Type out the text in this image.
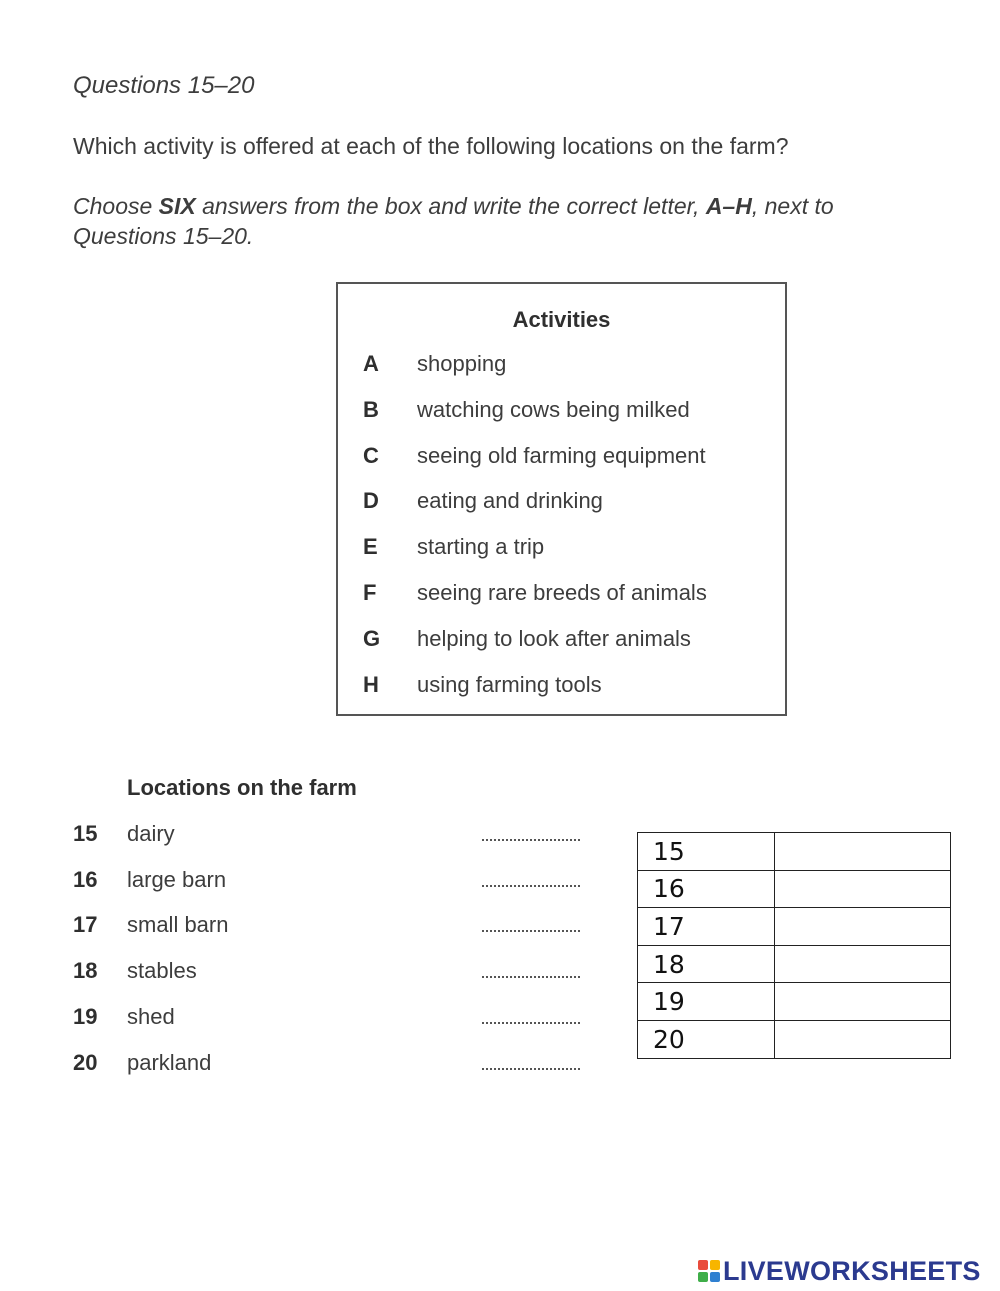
Questions 15–20
Which activity is offered at each of the following locations on the farm?
Choose SIX answers from the box and write the correct letter, A–H, next to Questions 15–20.
Activities
A	shopping
B	watching cows being milked
C	seeing old farming equipment
D	eating and drinking
E	starting a trip
F	seeing rare breeds of animals
G	helping to look after animals
H	using farming tools
Locations on the farm
15 dairy
16 large barn
17 small barn
18 stables
19 shed
20 parkland
15	
16	
17	
18	
19	
20	
LIVEWORKSHEETS
